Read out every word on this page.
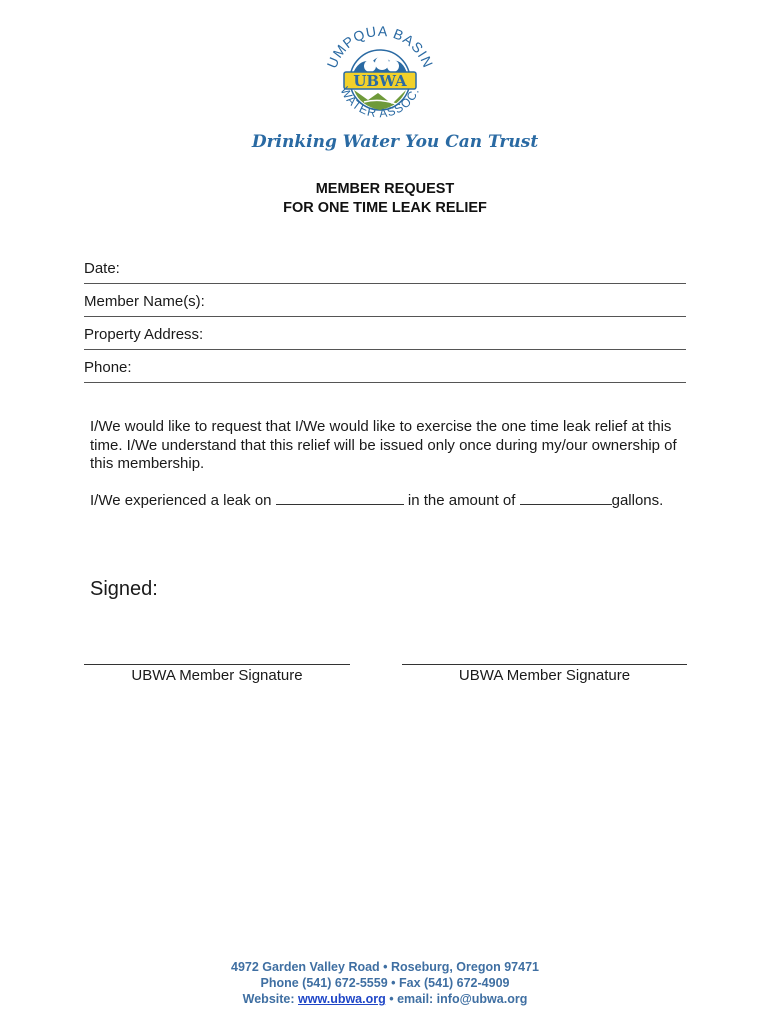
UBWA
UMPQUA BASIN
WATER ASSOC.
Drinking Water You Can Trust
MEMBER REQUEST
FOR ONE TIME LEAK RELIEF
Date:
Member Name(s):
Property Address:
Phone:
I/We would like to request that I/We would like to exercise the one time leak relief at this time. I/We understand that this relief will be issued only once during my/our ownership of this membership.
I/We experienced a leak on	in the amount of	gallons.
Signed:
UBWA Member Signature	UBWA Member Signature
4972 Garden Valley Road • Roseburg, Oregon 97471
Phone (541) 672-5559 • Fax (541) 672-4909
Website: www.ubwa.org • email: info@ubwa.org
